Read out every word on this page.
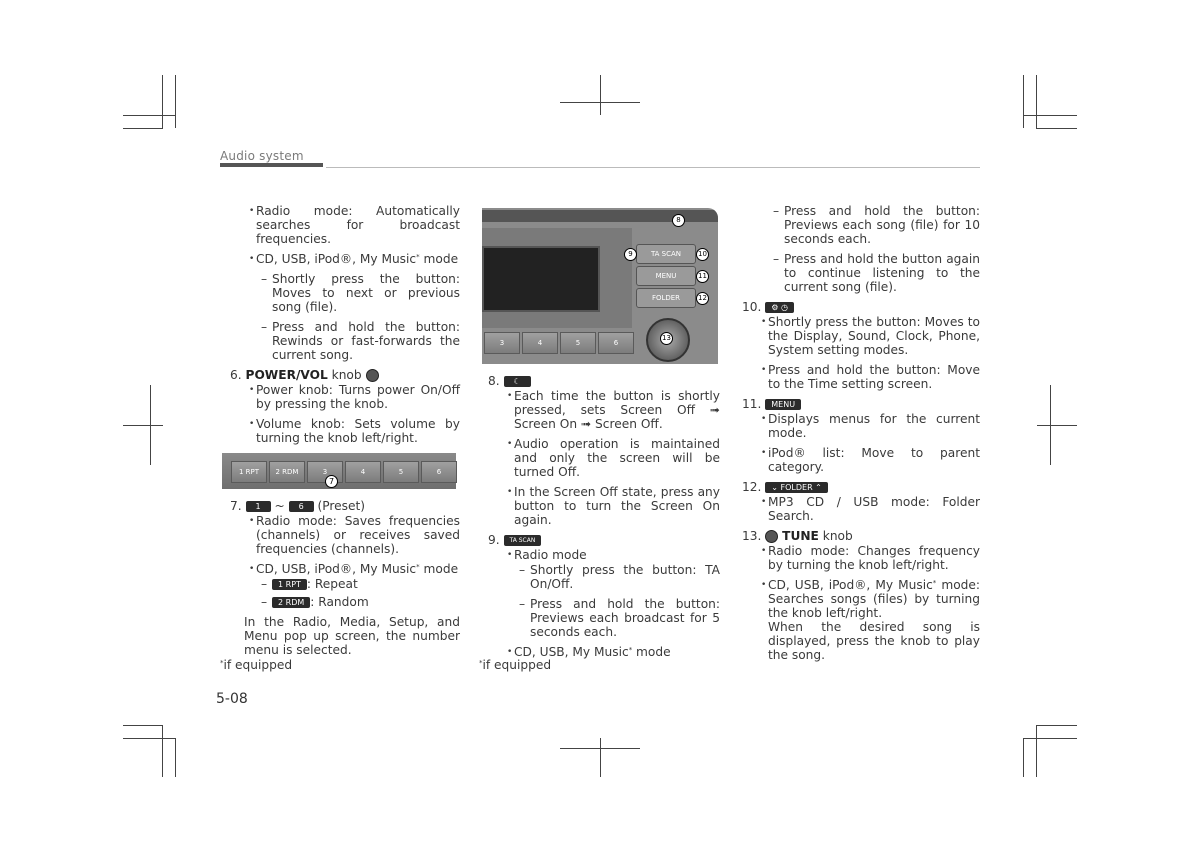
Audio system
• Radio mode: Automatically searches for broadcast frequencies.
• CD, USB, iPod®, My Music* mode
– Shortly press the button: Moves to next or previous song (file).
– Press and hold the button: Rewinds or fast-forwards the current song.
6. POWER/VOL knob
• Power knob: Turns power On/Off by pressing the knob.
• Volume knob: Sets volume by turning the knob left/right.
1 RPT	2 RDM	3	4	5	6
7
7. 1 ~ 6 (Preset)
• Radio mode: Saves frequencies (channels) or receives saved frequencies (channels).
• CD, USB, iPod®, My Music* mode
– 1 RPT : Repeat
– 2 RDM : Random
In the Radio, Media, Setup, and Menu pop up screen, the number menu is selected.
*if equipped
TA SCAN
MENU
FOLDER
3	4	5	6
8
9	10
11
12
13
8. ☾
• Each time the button is shortly pressed, sets Screen Off ➟ Screen On ➟ Screen Off.
• Audio operation is maintained and only the screen will be turned Off.
• In the Screen Off state, press any button to turn the Screen On again.
9. TA SCAN
• Radio mode
– Shortly press the button: TA On/Off.
– Press and hold the button: Previews each broadcast for 5 seconds each.
• CD, USB, My Music* mode
*if equipped
– Press and hold the button: Previews each song (file) for 10 seconds each.
– Press and hold the button again to continue listening to the current song (file).
10. ⚙ ◷
• Shortly press the button: Moves to the Display, Sound, Clock, Phone, System setting modes.
• Press and hold the button: Move to the Time setting screen.
11. MENU
• Displays menus for the current mode.
• iPod® list: Move to parent category.
12. ⌄ FOLDER ⌃
• MP3 CD / USB mode: Folder Search.
13. TUNE knob
• Radio mode: Changes frequency by turning the knob left/right.
• CD, USB, iPod®, My Music* mode: Searches songs (files) by turning the knob left/right.
When the desired song is displayed, press the knob to play the song.
5-08
